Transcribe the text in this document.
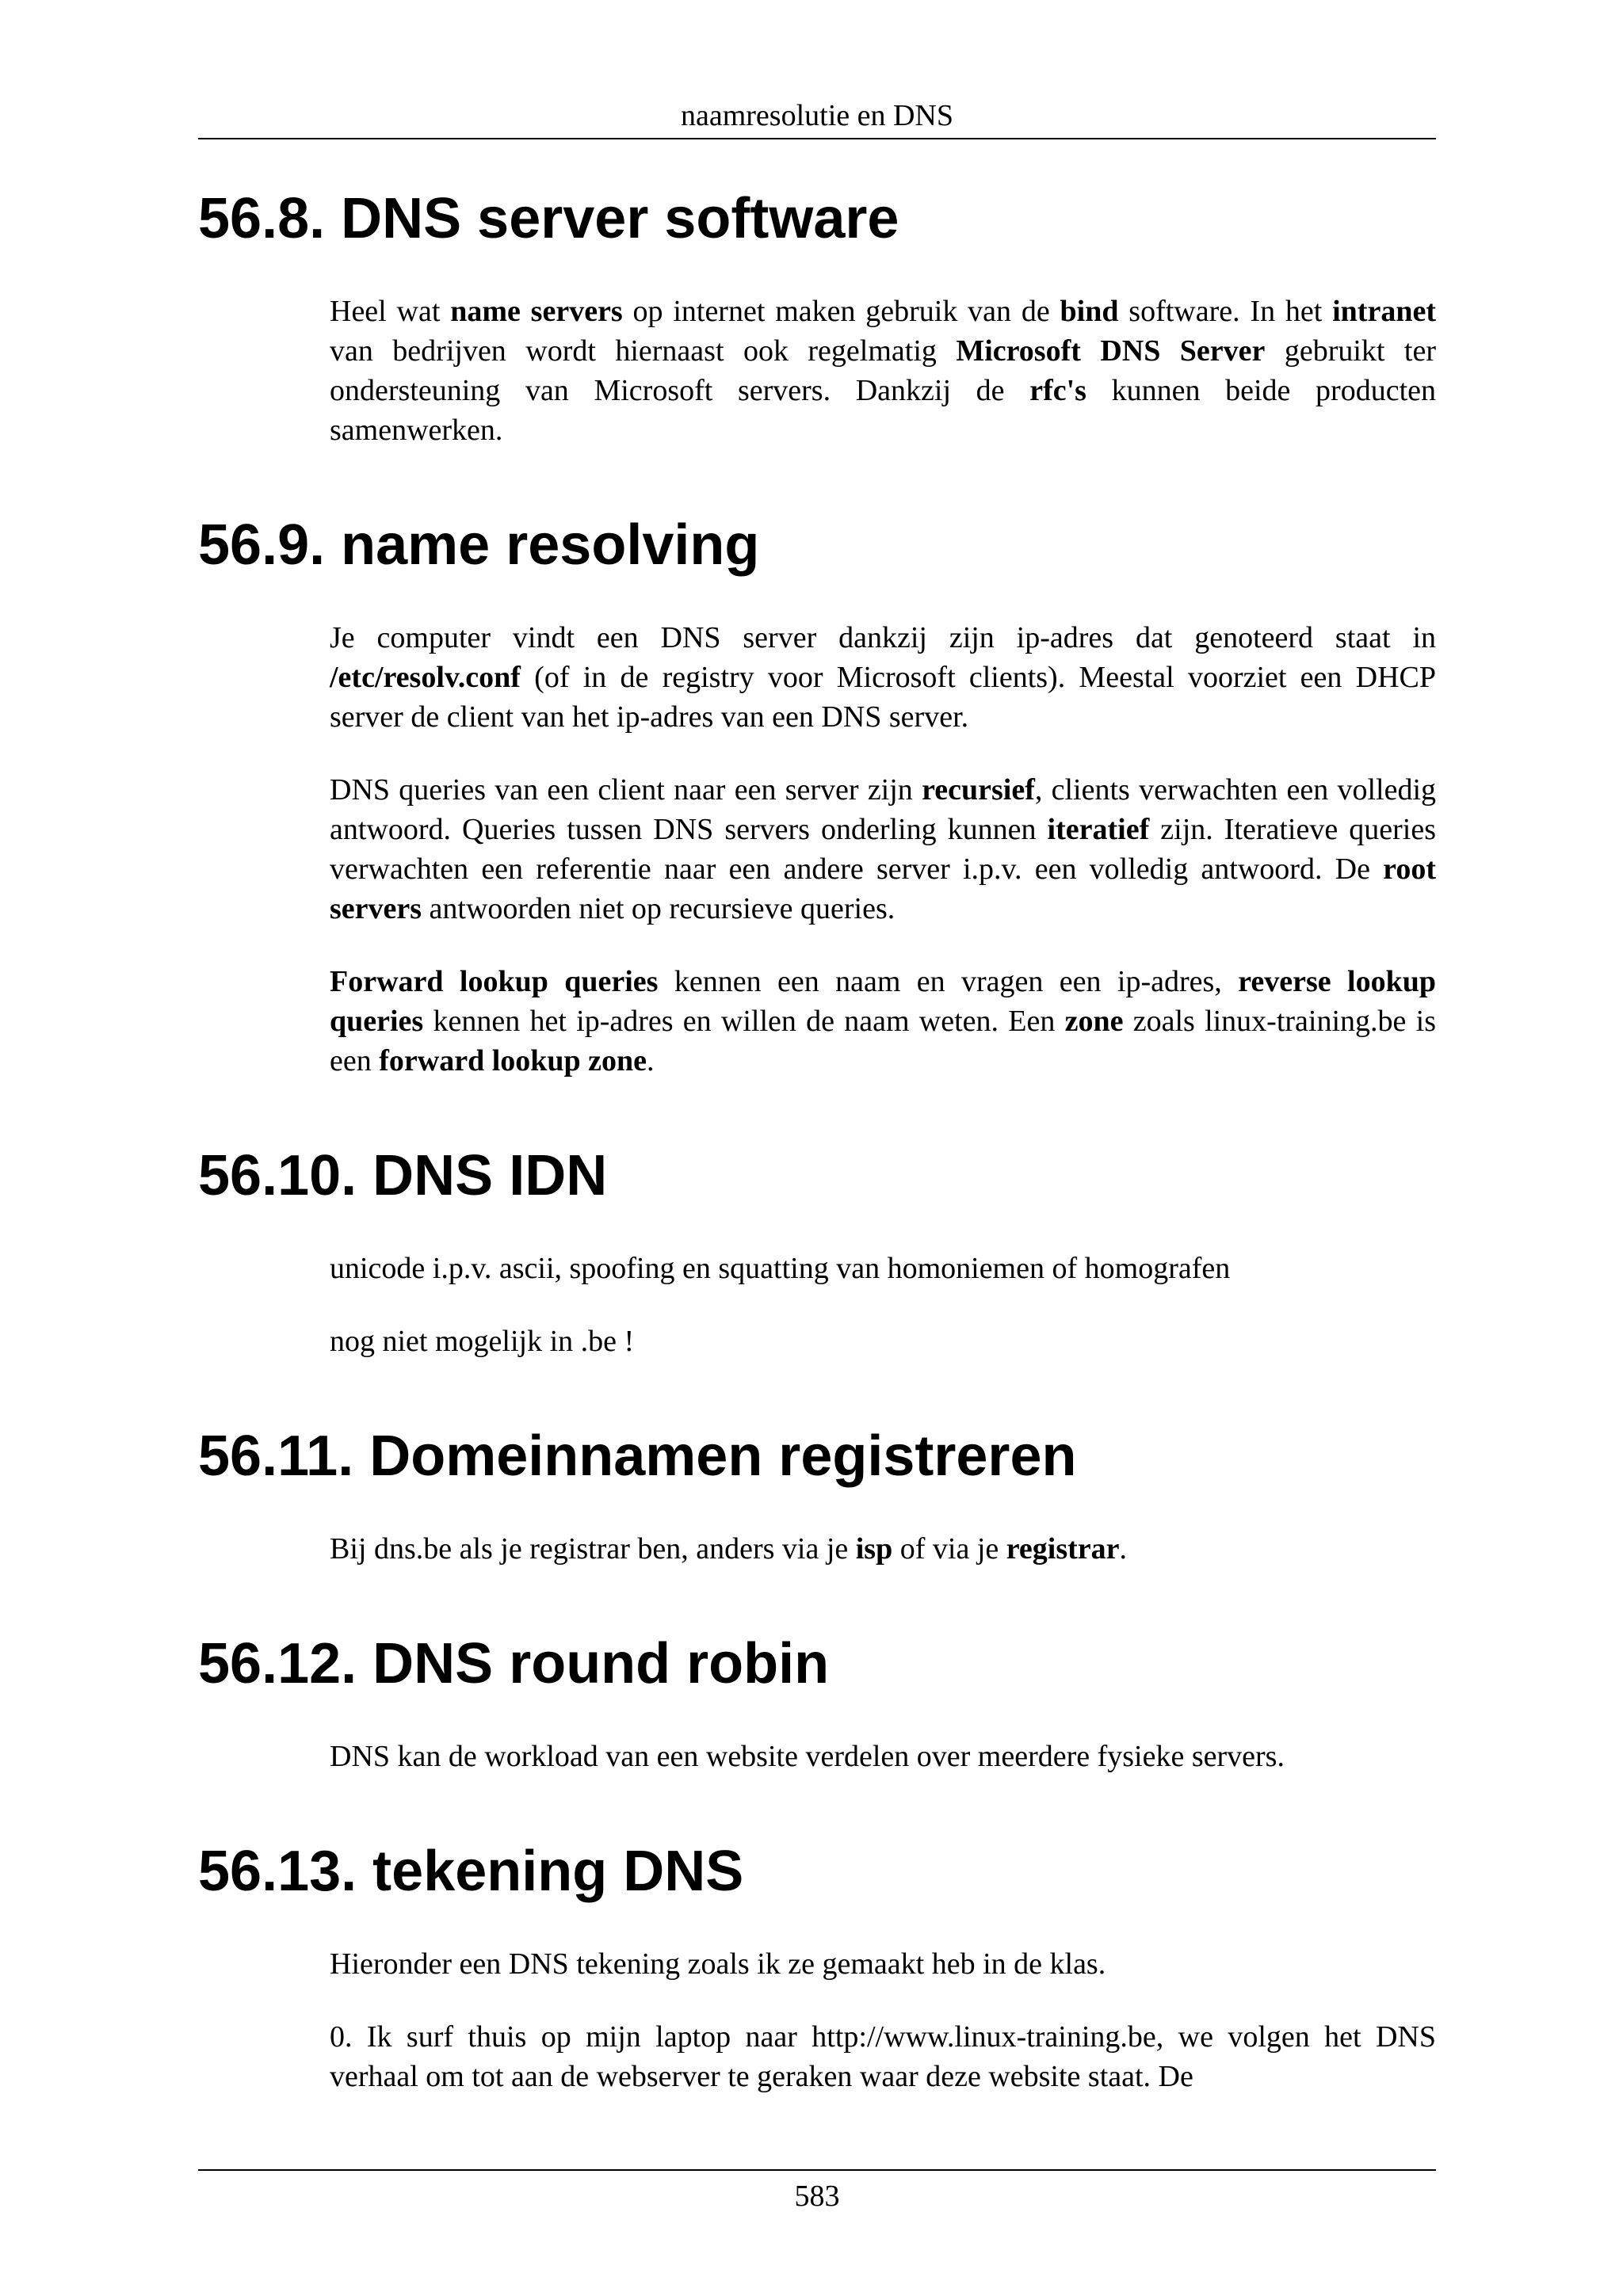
naamresolutie en DNS
56.8. DNS server software

Heel wat name servers op internet maken gebruik van de bind software. In het intranet van bedrijven wordt hiernaast ook regelmatig Microsoft DNS Server gebruikt ter ondersteuning van Microsoft servers. Dankzij de rfc's kunnen beide producten samenwerken.

56.9. name resolving

Je computer vindt een DNS server dankzij zijn ip-adres dat genoteerd staat in /etc/resolv.conf (of in de registry voor Microsoft clients). Meestal voorziet een DHCP server de client van het ip-adres van een DNS server.

DNS queries van een client naar een server zijn recursief, clients verwachten een volledig antwoord. Queries tussen DNS servers onderling kunnen iteratief zijn. Iteratieve queries verwachten een referentie naar een andere server i.p.v. een volledig antwoord. De root servers antwoorden niet op recursieve queries.

Forward lookup queries kennen een naam en vragen een ip-adres, reverse lookup queries kennen het ip-adres en willen de naam weten. Een zone zoals linux-training.be is een forward lookup zone.

56.10. DNS IDN

unicode i.p.v. ascii, spoofing en squatting van homoniemen of homografen

nog niet mogelijk in .be !

56.11. Domeinnamen registreren

Bij dns.be als je registrar ben, anders via je isp of via je registrar.

56.12. DNS round robin

DNS kan de workload van een website verdelen over meerdere fysieke servers.

56.13. tekening DNS

Hieronder een DNS tekening zoals ik ze gemaakt heb in de klas.

0. Ik surf thuis op mijn laptop naar http://www.linux-training.be, we volgen het DNS verhaal om tot aan de webserver te geraken waar deze website staat. De

583
